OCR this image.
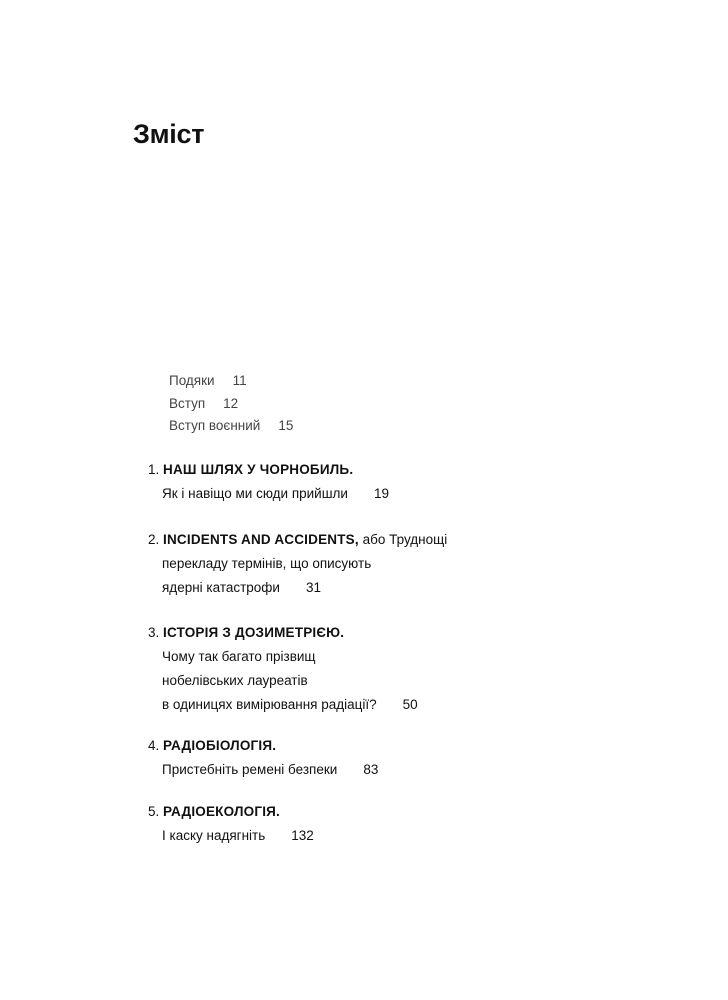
Зміст
Подяки 11
Вступ 12
Вступ воєнний 15
1. НАШ ШЛЯХ У ЧОРНОБИЛЬ.
Як і навіщо ми сюди прийшли 19
2. INCIDENTS AND ACCIDENTS, або Труднощі
перекладу термінів, що описують
ядерні катастрофи 31
3. ІСТОРІЯ З ДОЗИМЕТРІЄЮ.
Чому так багато прізвищ
нобелівських лауреатів
в одиницях вимірювання радіації? 50
4. РАДІОБІОЛОГІЯ.
Пристебніть ремені безпеки 83
5. РАДІОЕКОЛОГІЯ.
І каску надягніть 132
